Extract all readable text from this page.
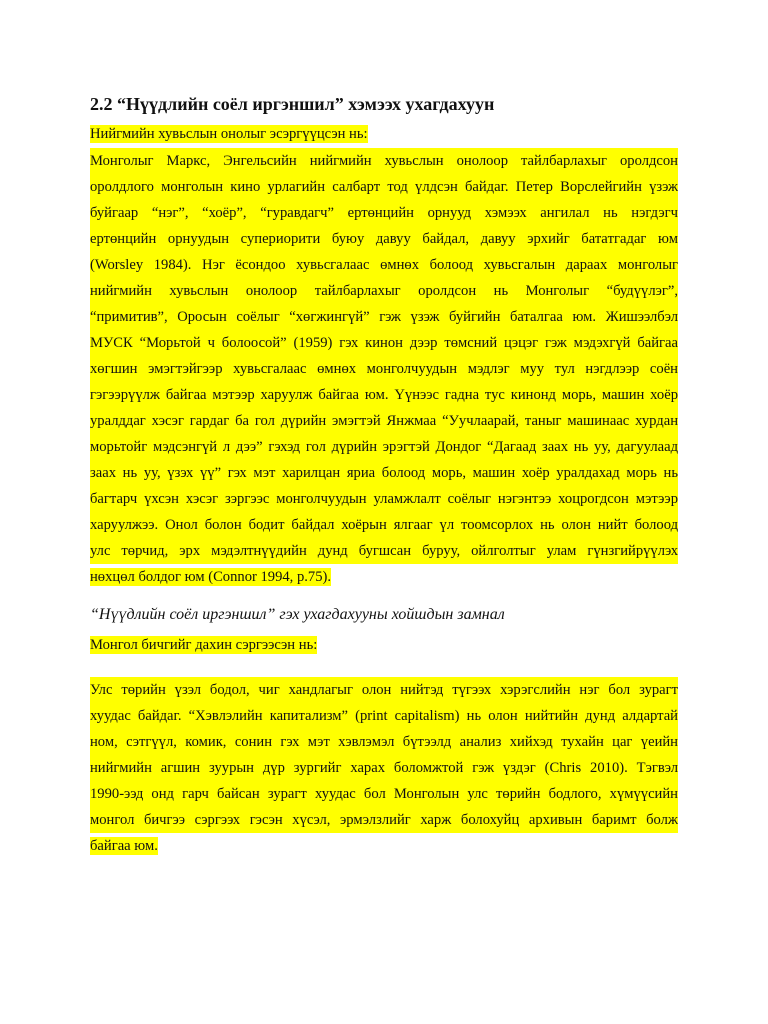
2.2 “Нүүдлийн соёл иргэншил” хэмээх ухагдахуун
Нийгмийн хувьслын онолыг эсэргүүцсэн нь:
Монголыг Маркс, Энгельсийн нийгмийн хувьслын онолоор тайлбарлахыг оролдсон
оролдлого монголын кино урлагийн салбарт тод үлдсэн байдаг. Петер Ворслейгийн үзэж
буйгаар “нэг”, “хоёр”, “гуравдагч” ертөнцийн орнууд хэмээх ангилал нь нэгдэгч
ертөнцийн орнуудын супериорити буюу давуу байдал, давуу эрхийг батaтгадаг юм
(Worsley 1984). Нэг ёсондоо хувьсгалаас өмнөх болоод хувьсгалын дараах монголыг
нийгмийн хувьслын онолоор тайлбарлахыг оролдсон нь Монголыг “будүүлэг”,
“примитив”, Оросын соёлыг “хөгжингүй” гэж үзэж буйгийн баталгаа юм. Жишээлбэл
МУСК “Морьтой ч болоосой” (1959) гэх кинон дээр төмсний цэцэг гэж мэдэхгүй байгаа
хөгшин эмэгтэйгээр хувьсгалаас өмнөх монголчуудын мэдлэг муу тул нэгдлээр соён
гэгээрүүлж байгаа мэтээр харуулж байгаа юм. Үүнээс гадна тус кинонд морь, машин хоёр
уралддаг хэсэг гардаг ба гол дүрийн эмэгтэй Янжмаа “Уучлаарай, таныг машинаас хурдан
морьтойг мэдсэнгүй л дээ” гэхэд гол дүрийн эрэгтэй Дондог “Дагаад заах нь уу, дагуулаад
заах нь уу, үзэх үү” гэх мэт харилцан яриа болоод морь, машин хоёр уралдахад морь нь
багтарч үхсэн хэсэг зэргээс монголчуудын уламжлалт соёлыг нэгэнтээ хоцрогдсон мэтээр
харуулжээ. Онол болон бодит байдал хоёрын ялгааг үл тоомсорлох нь олон нийт болоод
улс төрчид, эрх мэдэлтнүүдийн дунд бугшсан буруу, ойлголтыг улам гүнзгийрүүлэх
нөхцөл болдог юм (Connor 1994, p.75).
“Нүүдлийн соёл иргэншил” гэх ухагдахууны хойшдын замнал
Монгол бичгийг дахин сэргээсэн нь:
Улс төрийн үзэл бодол, чиг хандлагыг олон нийтэд түгээх хэрэгслийн нэг бол зурагт
хуудас байдаг. “Хэвлэлийн капитализм” (print capitalism) нь олон нийтийн дунд алдартай
ном, сэтгүүл, комик, сонин гэх мэт хэвлэмэл бүтээлд анализ хийхэд тухайн цаг үеийн
нийгмийн агшин зуурын дүр зургийг харах боломжтой гэж үздэг (Chris 2010). Тэгвэл
1990-ээд онд гарч байсан зурагт хуудас бол Монголын улс төрийн бодлого, хүмүүсийн
монгол бичгээ сэргээх гэсэн хүсэл, эрмэлзлийг харж болохуйц архивын баримт болж
байгаа юм.
